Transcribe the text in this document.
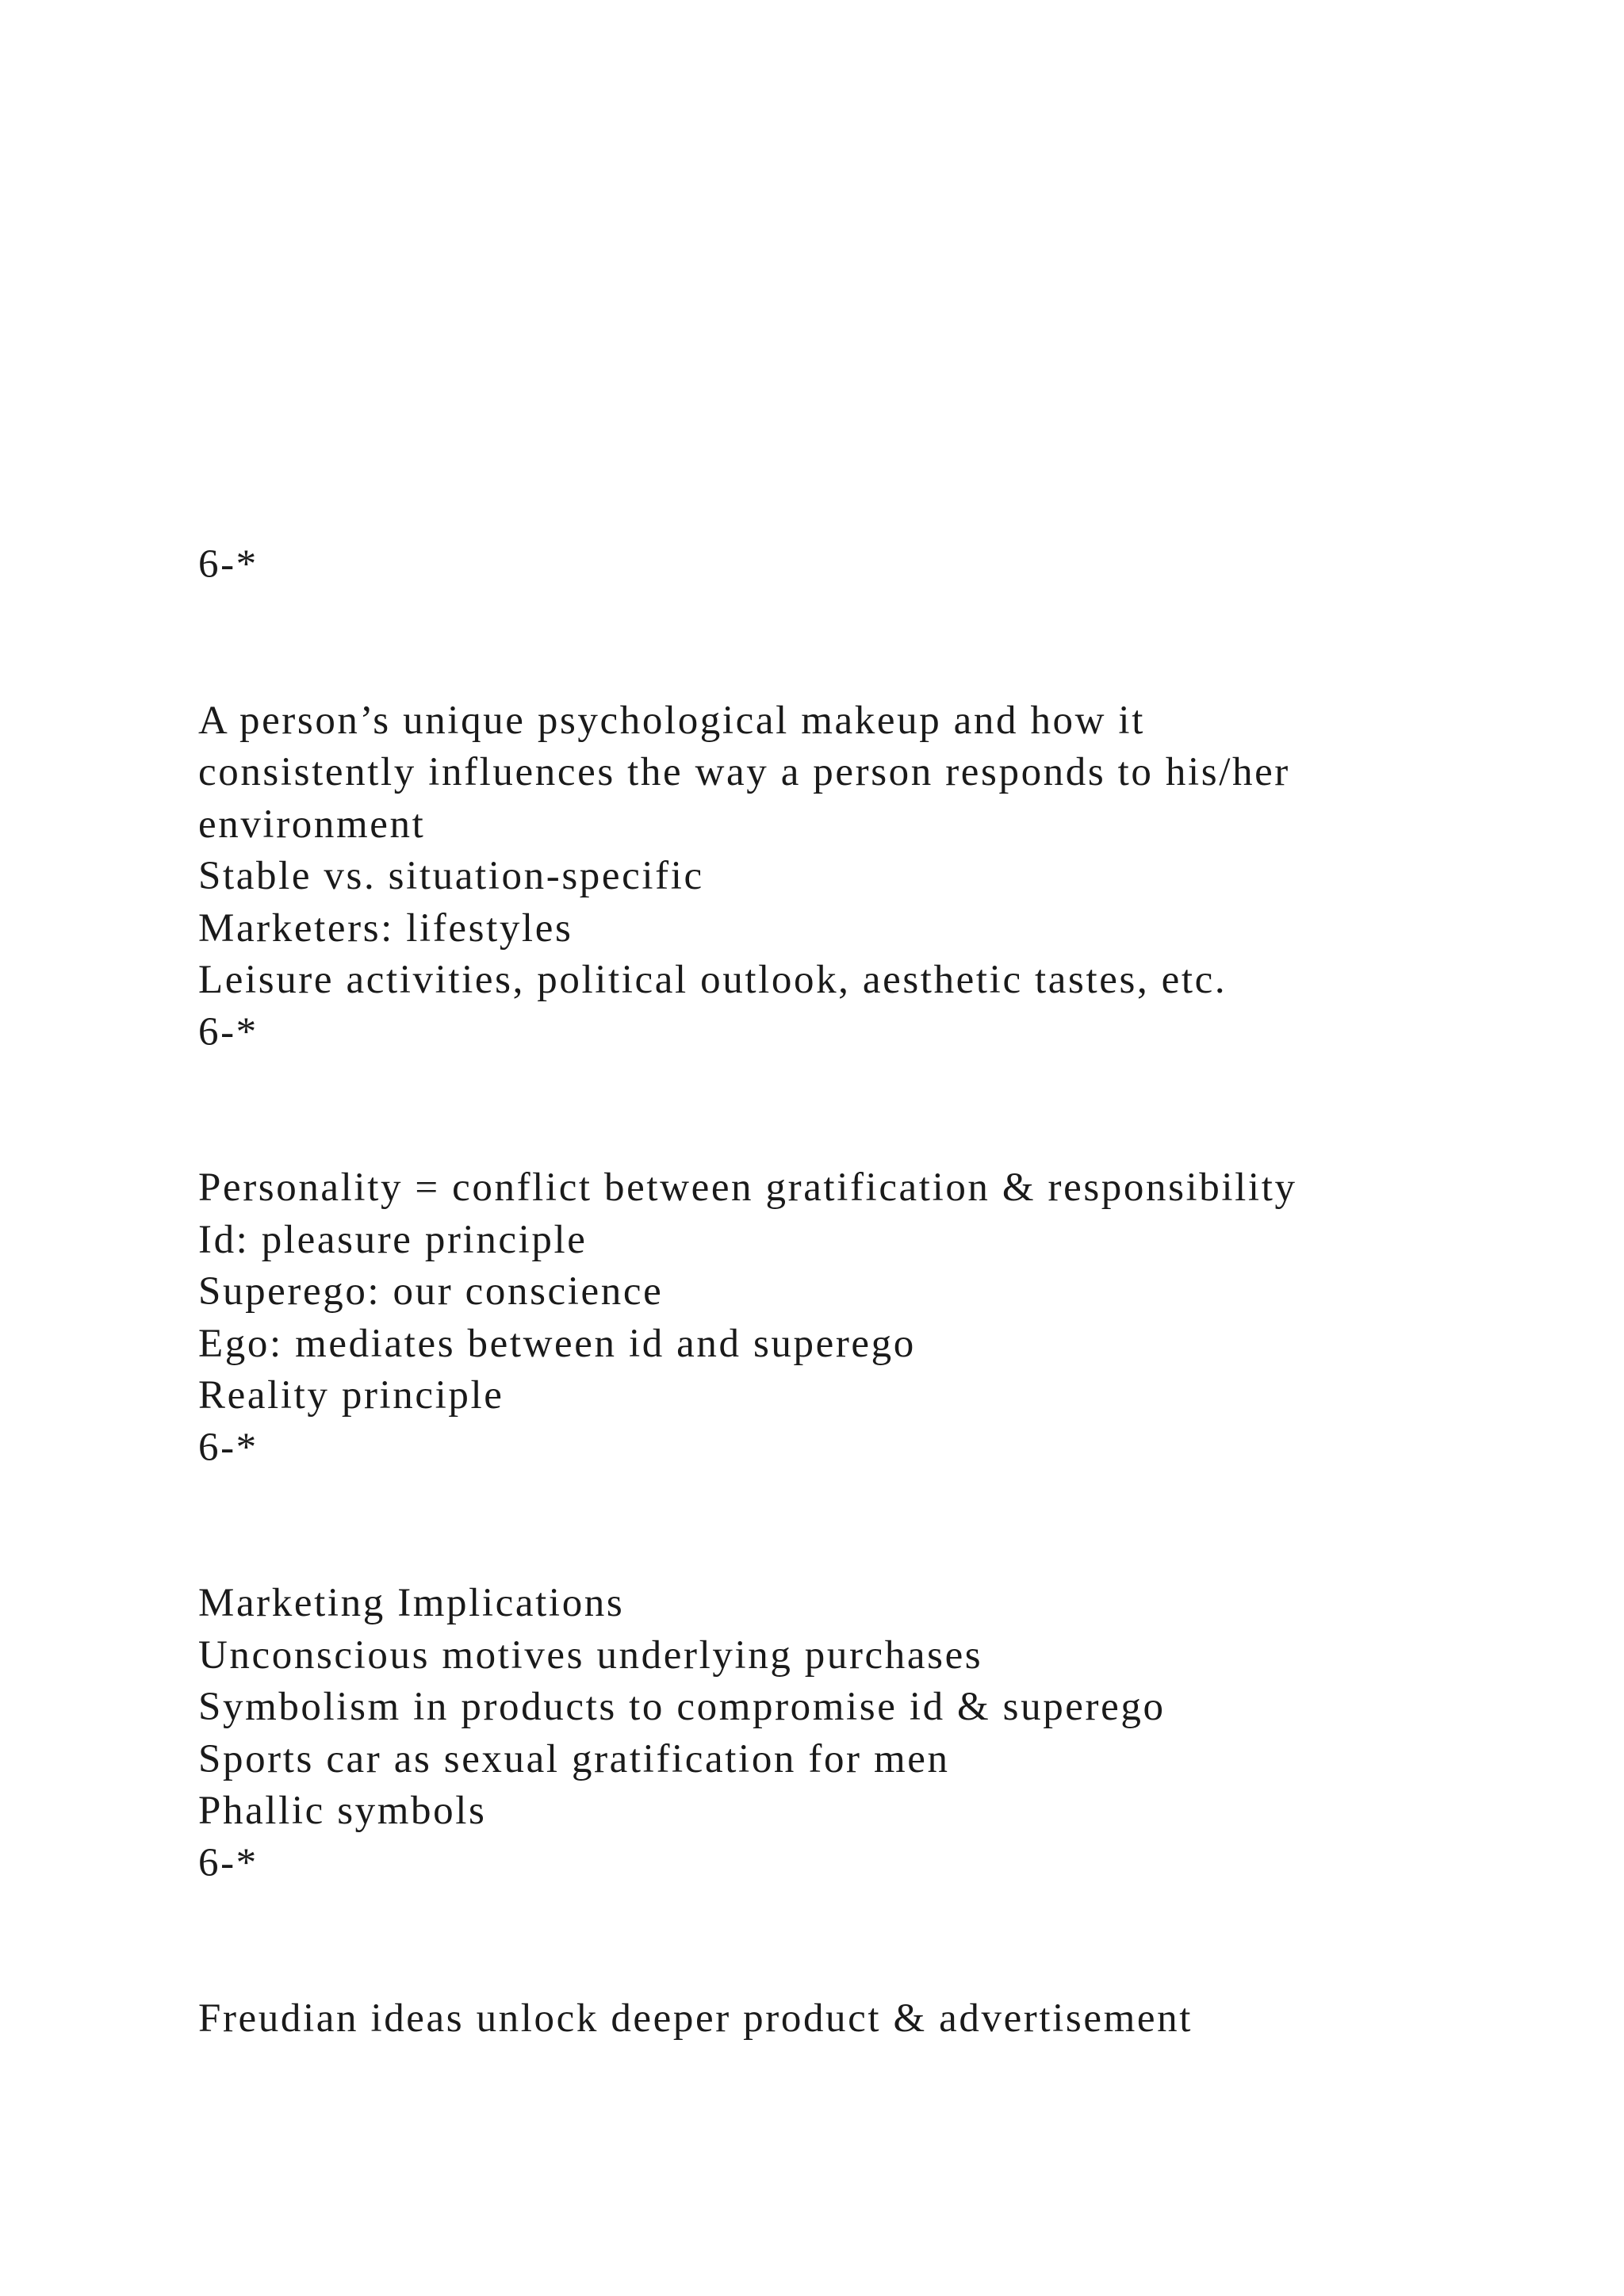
6-*
A person’s unique psychological makeup and how it
consistently influences the way a person responds to his/her
environment
Stable vs. situation-specific
Marketers: lifestyles
Leisure activities, political outlook, aesthetic tastes, etc.
6-*
Personality = conflict between gratification & responsibility
Id: pleasure principle
Superego: our conscience
Ego: mediates between id and superego
Reality principle
6-*
Marketing Implications
Unconscious motives underlying purchases
Symbolism in products to compromise id & superego
Sports car as sexual gratification for men
Phallic symbols
6-*
Freudian ideas unlock deeper product & advertisement
